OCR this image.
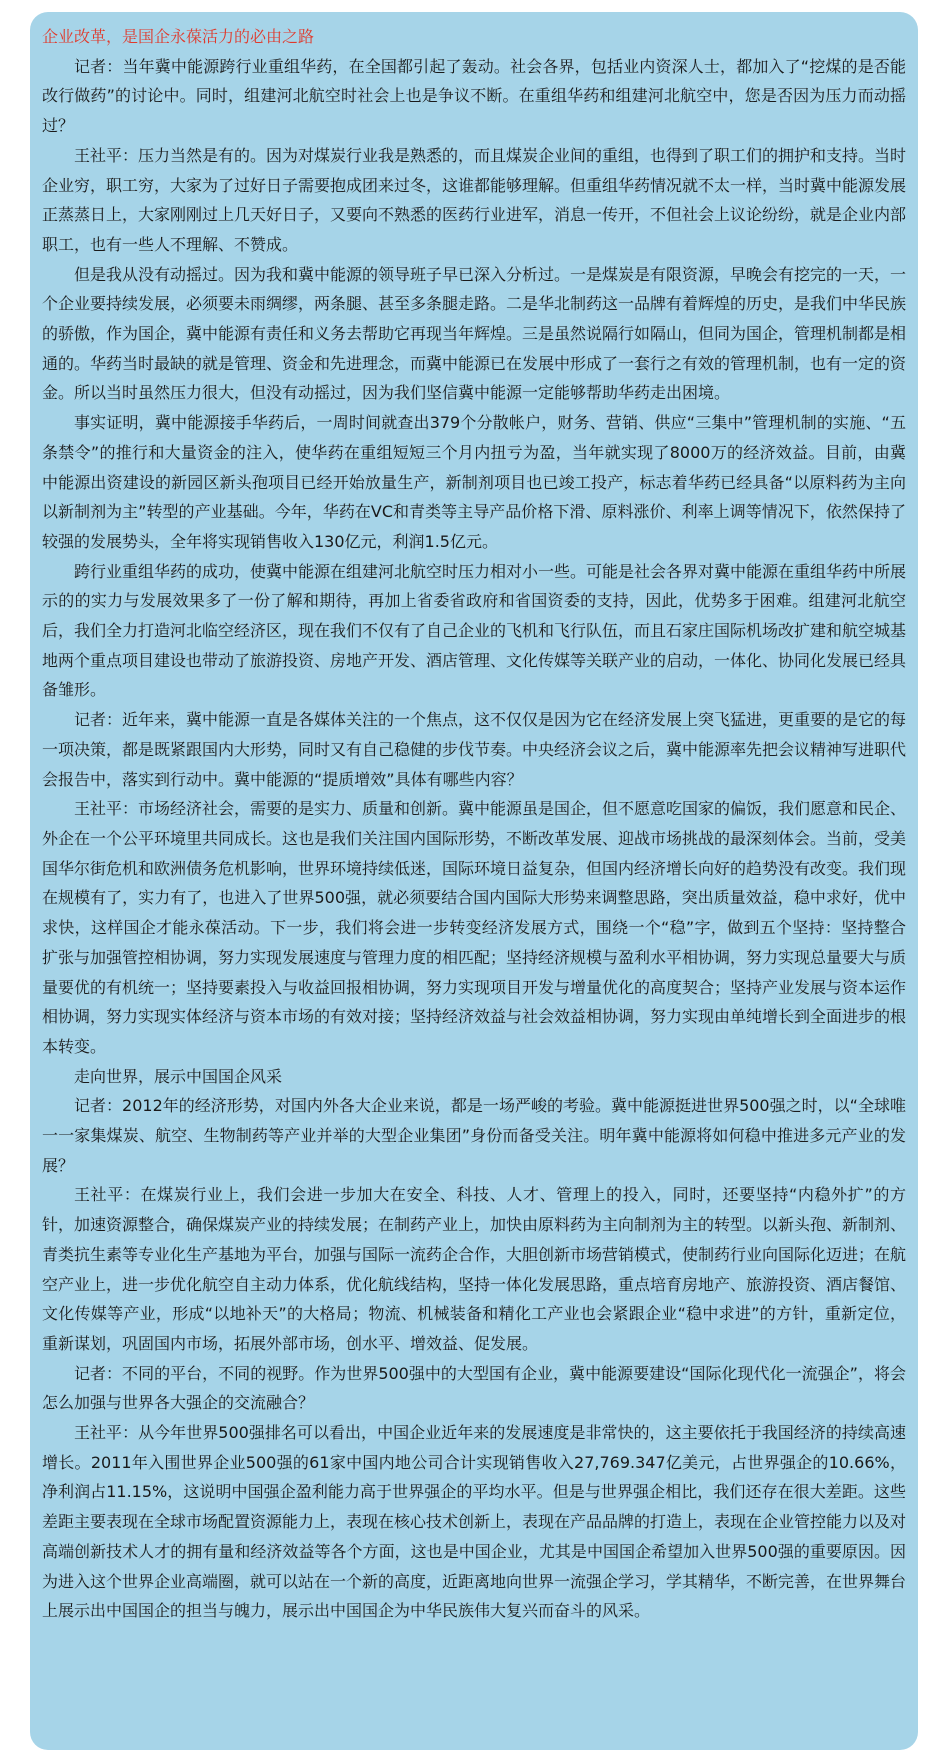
企业改革，是国企永葆活力的必由之路

记者：当年冀中能源跨行业重组华药，在全国都引起了轰动。社会各界，包括业内资深人士，都加入了“挖煤的是否能改行做药”的讨论中。同时，组建河北航空时社会上也是争议不断。在重组华药和组建河北航空中，您是否因为压力而动摇过？

王社平：压力当然是有的。因为对煤炭行业我是熟悉的，而且煤炭企业间的重组，也得到了职工们的拥护和支持。当时企业穷，职工穷，大家为了过好日子需要抱成团来过冬，这谁都能够理解。但重组华药情况就不太一样，当时冀中能源发展正蒸蒸日上，大家刚刚过上几天好日子，又要向不熟悉的医药行业进军，消息一传开，不但社会上议论纷纷，就是企业内部职工，也有一些人不理解、不赞成。

但是我从没有动摇过。因为我和冀中能源的领导班子早已深入分析过。一是煤炭是有限资源，早晚会有挖完的一天，一个企业要持续发展，必须要未雨绸缪，两条腿、甚至多条腿走路。二是华北制药这一品牌有着辉煌的历史，是我们中华民族的骄傲，作为国企，冀中能源有责任和义务去帮助它再现当年辉煌。三是虽然说隔行如隔山，但同为国企，管理机制都是相通的。华药当时最缺的就是管理、资金和先进理念，而冀中能源已在发展中形成了一套行之有效的管理机制，也有一定的资金。所以当时虽然压力很大，但没有动摇过，因为我们坚信冀中能源一定能够帮助华药走出困境。

事实证明，冀中能源接手华药后，一周时间就查出379个分散帐户，财务、营销、供应“三集中”管理机制的实施、“五条禁令”的推行和大量资金的注入，使华药在重组短短三个月内扭亏为盈，当年就实现了8000万的经济效益。目前，由冀中能源出资建设的新园区新头孢项目已经开始放量生产，新制剂项目也已竣工投产，标志着华药已经具备“以原料药为主向以新制剂为主”转型的产业基础。今年，华药在VC和青类等主导产品价格下滑、原料涨价、利率上调等情况下，依然保持了较强的发展势头，全年将实现销售收入130亿元，利润1.5亿元。

跨行业重组华药的成功，使冀中能源在组建河北航空时压力相对小一些。可能是社会各界对冀中能源在重组华药中所展示的的实力与发展效果多了一份了解和期待，再加上省委省政府和省国资委的支持，因此，优势多于困难。组建河北航空后，我们全力打造河北临空经济区，现在我们不仅有了自己企业的飞机和飞行队伍，而且石家庄国际机场改扩建和航空城基地两个重点项目建设也带动了旅游投资、房地产开发、酒店管理、文化传媒等关联产业的启动，一体化、协同化发展已经具备雏形。

记者：近年来，冀中能源一直是各媒体关注的一个焦点，这不仅仅是因为它在经济发展上突飞猛进，更重要的是它的每一项决策，都是既紧跟国内大形势，同时又有自己稳健的步伐节奏。中央经济会议之后，冀中能源率先把会议精神写进职代会报告中，落实到行动中。冀中能源的“提质增效”具体有哪些内容？

王社平：市场经济社会，需要的是实力、质量和创新。冀中能源虽是国企，但不愿意吃国家的偏饭，我们愿意和民企、外企在一个公平环境里共同成长。这也是我们关注国内国际形势，不断改革发展、迎战市场挑战的最深刻体会。当前，受美国华尔街危机和欧洲债务危机影响，世界环境持续低迷，国际环境日益复杂，但国内经济增长向好的趋势没有改变。我们现在规模有了，实力有了，也进入了世界500强，就必须要结合国内国际大形势来调整思路，突出质量效益，稳中求好，优中求快，这样国企才能永葆活动。下一步，我们将会进一步转变经济发展方式，围绕一个“稳”字，做到五个坚持：坚持整合扩张与加强管控相协调，努力实现发展速度与管理力度的相匹配；坚持经济规模与盈利水平相协调，努力实现总量要大与质量要优的有机统一；坚持要素投入与收益回报相协调，努力实现项目开发与增量优化的高度契合；坚持产业发展与资本运作相协调，努力实现实体经济与资本市场的有效对接；坚持经济效益与社会效益相协调，努力实现由单纯增长到全面进步的根本转变。

走向世界，展示中国国企风采

记者：2012年的经济形势，对国内外各大企业来说，都是一场严峻的考验。冀中能源挺进世界500强之时，以“全球唯一一家集煤炭、航空、生物制药等产业并举的大型企业集团”身份而备受关注。明年冀中能源将如何稳中推进多元产业的发展？

王社平：在煤炭行业上，我们会进一步加大在安全、科技、人才、管理上的投入，同时，还要坚持“内稳外扩”的方针，加速资源整合，确保煤炭产业的持续发展；在制药产业上，加快由原料药为主向制剂为主的转型。以新头孢、新制剂、青类抗生素等专业化生产基地为平台，加强与国际一流药企合作，大胆创新市场营销模式，使制药行业向国际化迈进；在航空产业上，进一步优化航空自主动力体系，优化航线结构，坚持一体化发展思路，重点培育房地产、旅游投资、酒店餐馆、文化传媒等产业，形成“以地补天”的大格局；物流、机械装备和精化工产业也会紧跟企业“稳中求进”的方针，重新定位，重新谋划，巩固国内市场，拓展外部市场，创水平、增效益、促发展。

记者：不同的平台，不同的视野。作为世界500强中的大型国有企业，冀中能源要建设“国际化现代化一流强企”，将会怎么加强与世界各大强企的交流融合？

王社平：从今年世界500强排名可以看出，中国企业近年来的发展速度是非常快的，这主要依托于我国经济的持续高速增长。2011年入围世界企业500强的61家中国内地公司合计实现销售收入27,769.347亿美元，占世界强企的10.66%，净利润占11.15%，这说明中国强企盈利能力高于世界强企的平均水平。但是与世界强企相比，我们还存在很大差距。这些差距主要表现在全球市场配置资源能力上，表现在核心技术创新上，表现在产品品牌的打造上，表现在企业管控能力以及对高端创新技术人才的拥有量和经济效益等各个方面，这也是中国企业，尤其是中国国企希望加入世界500强的重要原因。因为进入这个世界企业高端圈，就可以站在一个新的高度，近距离地向世界一流强企学习，学其精华，不断完善，在世界舞台上展示出中国国企的担当与魄力，展示出中国国企为中华民族伟大复兴而奋斗的风采。
